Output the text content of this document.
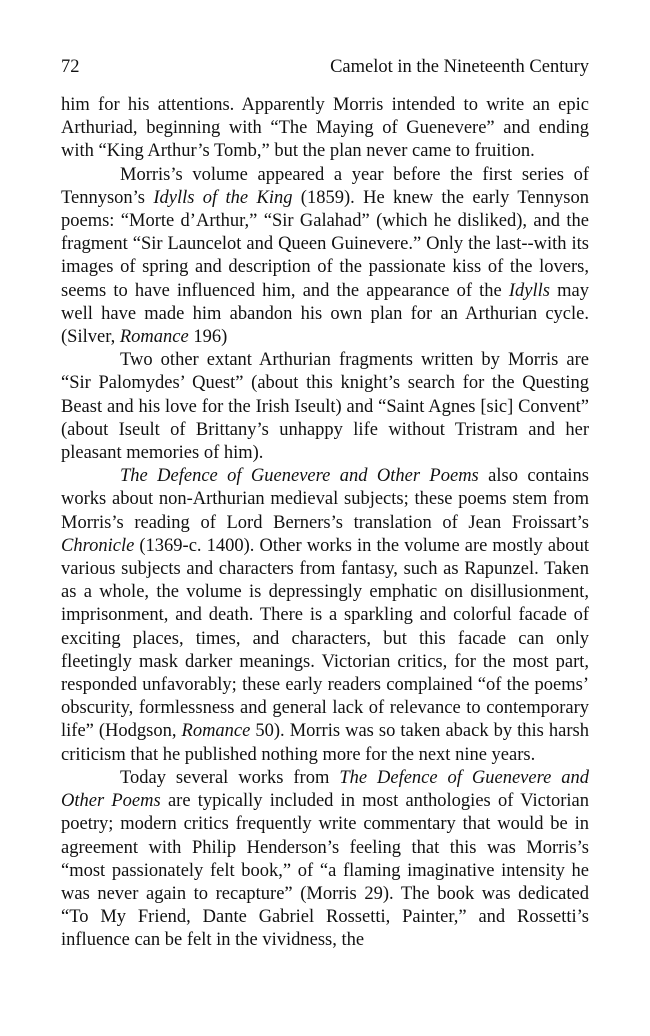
72	Camelot in the Nineteenth Century

him for his attentions. Apparently Morris intended to write an epic Arthuriad, beginning with “The Maying of Guenevere” and ending with “King Arthur’s Tomb,” but the plan never came to fruition.

Morris’s volume appeared a year before the first series of Tennyson’s Idylls of the King (1859). He knew the early Tennyson poems: “Morte d’Arthur,” “Sir Galahad” (which he disliked), and the fragment “Sir Launcelot and Queen Guinevere.” Only the last--with its images of spring and description of the passionate kiss of the lovers, seems to have influenced him, and the appearance of the Idylls may well have made him abandon his own plan for an Arthurian cycle. (Silver, Romance 196)

Two other extant Arthurian fragments written by Morris are “Sir Palomydes’ Quest” (about this knight’s search for the Questing Beast and his love for the Irish Iseult) and “Saint Agnes [sic] Convent” (about Iseult of Brittany’s unhappy life without Tristram and her pleasant memories of him).

The Defence of Guenevere and Other Poems also contains works about non-Arthurian medieval subjects; these poems stem from Morris’s reading of Lord Berners’s translation of Jean Froissart’s Chronicle (1369-c. 1400). Other works in the volume are mostly about various subjects and characters from fantasy, such as Rapunzel. Taken as a whole, the volume is depressingly emphatic on disillusionment, imprisonment, and death. There is a sparkling and colorful facade of exciting places, times, and characters, but this facade can only fleetingly mask darker meanings. Victorian critics, for the most part, responded unfavorably; these early readers complained “of the poems’ obscurity, formlessness and general lack of relevance to contemporary life” (Hodgson, Romance 50). Morris was so taken aback by this harsh criticism that he published nothing more for the next nine years.

Today several works from The Defence of Guenevere and Other Poems are typically included in most anthologies of Victorian poetry; modern critics frequently write commentary that would be in agreement with Philip Henderson’s feeling that this was Morris’s “most passionately felt book,” of “a flaming imaginative intensity he was never again to recapture” (Morris 29). The book was dedicated “To My Friend, Dante Gabriel Rossetti, Painter,” and Rossetti’s influence can be felt in the vividness, the
